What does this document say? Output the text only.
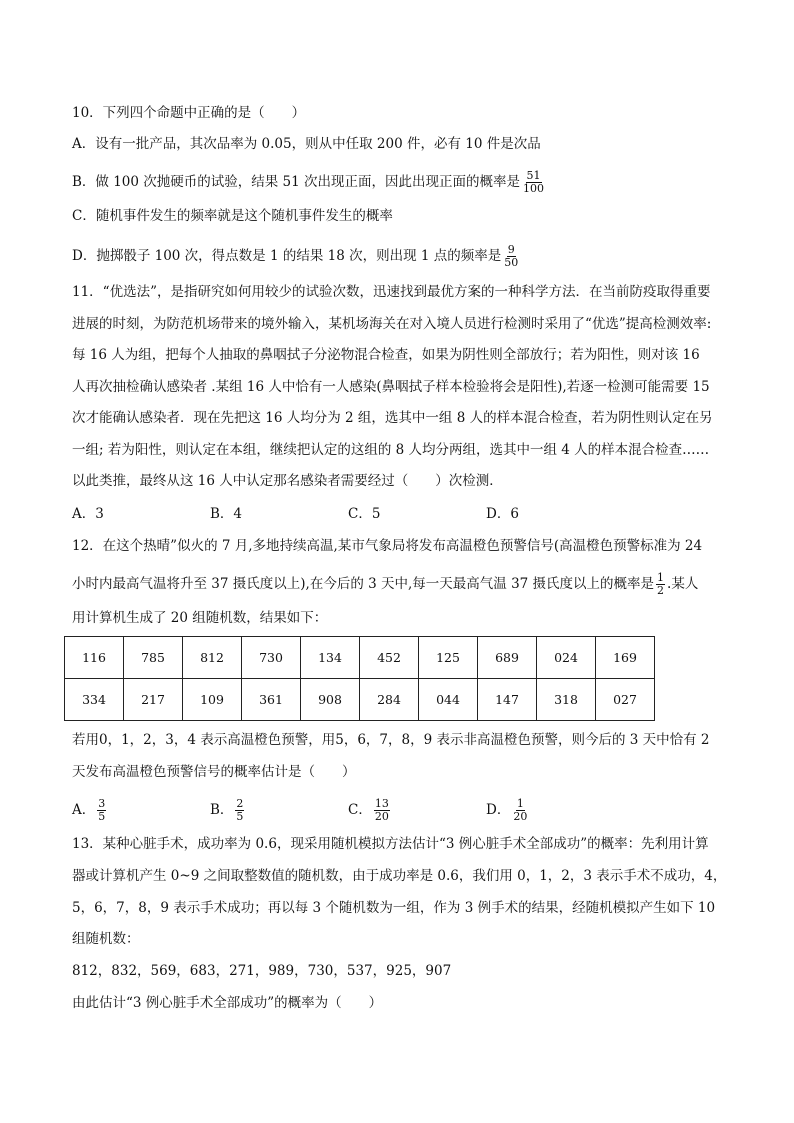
10．下列四个命题中正确的是（　　）
A．设有一批产品，其次品率为 0.05，则从中任取 200 件，必有 10 件是次品
B．做 100 次抛硬币的试验，结果 51 次出现正面，因此出现正面的概率是 $\frac{51}{100}$
C．随机事件发生的频率就是这个随机事件发生的概率
D．抛掷骰子 100 次，得点数是 1 的结果 18 次，则出现 1 点的频率是 $\frac{9}{50}$
11．“优选法”，是指研究如何用较少的试验次数，迅速找到最优方案的一种科学方法．在当前防疫取得重要
进展的时刻，为防范机场带来的境外输入，某机场海关在对入境人员进行检测时采用了“优选”提高检测效率:
每 16 人为组，把每个人抽取的鼻咽拭子分泌物混合检查，如果为阴性则全部放行；若为阳性，则对该 16
人再次抽检确认感染者 .某组 16 人中恰有一人感染(鼻咽拭子样本检验将会是阳性),若逐一检测可能需要 15
次才能确认感染者．现在先把这 16 人均分为 2 组，选其中一组 8 人的样本混合检查，若为阴性则认定在另
一组; 若为阳性，则认定在本组，继续把认定的这组的 8 人均分两组，选其中一组 4 人的样本混合检查……
以此类推，最终从这 16 人中认定那名感染者需要经过（　　）次检测．
A．3	B．4	C．5	D．6
12．在这个热晴”似火的 7 月,多地持续高温,某市气象局将发布高温橙色预警信号(高温橙色预警标准为 24
小时内最高气温将升至 37 摄氏度以上),在今后的 3 天中,每一天最高气温 37 摄氏度以上的概率是 $\frac{1}{2}$ .某人
用计算机生成了 20 组随机数，结果如下：
116	785	812	730	134	452	125	689	024	169
334	217	109	361	908	284	044	147	318	027
若用0，1，2，3，4 表示高温橙色预警，用5，6，7，8，9 表示非高温橙色预警，则今后的 3 天中恰有 2
天发布高温橙色预警信号的概率估计是（　　）
A． $\frac{3}{5}$	B． $\frac{2}{5}$	C． $\frac{13}{20}$	D． $\frac{1}{20}$
13．某种心脏手术，成功率为 0.6，现采用随机模拟方法估计“3 例心脏手术全部成功”的概率：先利用计算
器或计算机产生 0~9 之间取整数值的随机数，由于成功率是 0.6，我们用 0，1，2，3 表示手术不成功，4，
5，6，7，8，9 表示手术成功；再以每 3 个随机数为一组，作为 3 例手术的结果，经随机模拟产生如下 10
组随机数：
812，832，569，683，271，989，730，537，925，907
由此估计“3 例心脏手术全部成功”的概率为（　　）
